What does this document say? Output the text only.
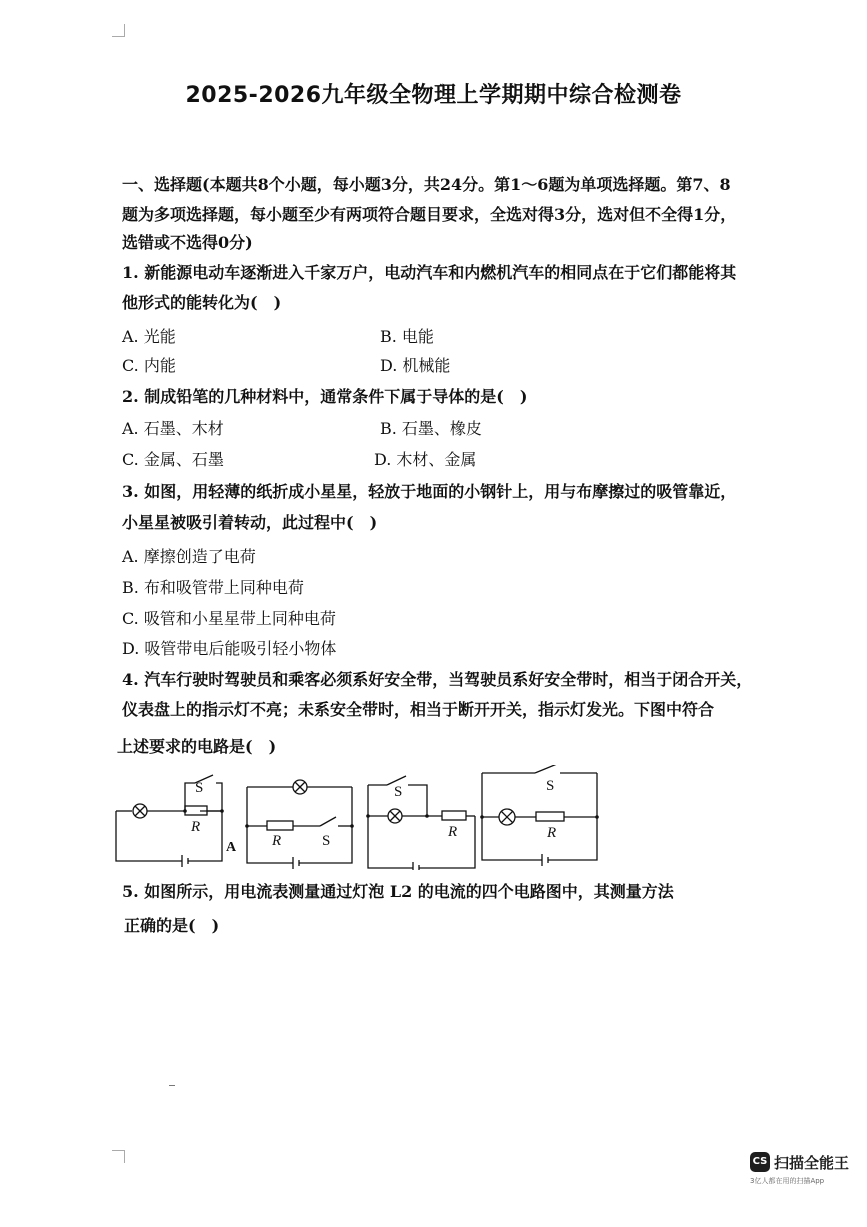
2025-2026九年级全物理上学期期中综合检测卷
一、选择题(本题共8个小题，每小题3分，共24分。第1～6题为单项选择题。第7、8
题为多项选择题，每小题至少有两项符合题目要求，全选对得3分，选对但不全得1分，
选错或不选得0分)
1. 新能源电动车逐渐进入千家万户，电动汽车和内燃机汽车的相同点在于它们都能将其
他形式的能转化为(　)
A. 光能	B. 电能
C. 内能	D. 机械能
2. 制成铅笔的几种材料中，通常条件下属于导体的是(　)
A. 石墨、木材	B. 石墨、橡皮
C. 金属、石墨	D. 木材、金属
3. 如图，用轻薄的纸折成小星星，轻放于地面的小钢针上，用与布摩擦过的吸管靠近，
小星星被吸引着转动，此过程中(　)
A. 摩擦创造了电荷
B. 布和吸管带上同种电荷
C. 吸管和小星星带上同种电荷
D. 吸管带电后能吸引轻小物体
4. 汽车行驶时驾驶员和乘客必须系好安全带，当驾驶员系好安全带时，相当于闭合开关，
仪表盘上的指示灯不亮；未系安全带时，相当于断开开关，指示灯发光。下图中符合
上述要求的电路是(　)
S
R
A R	S
S
R
S
R
5. 如图所示，用电流表测量通过灯泡 L2 的电流的四个电路图中，其测量方法
正确的是(　)
CS 扫描全能王
3亿人都在用的扫描App
